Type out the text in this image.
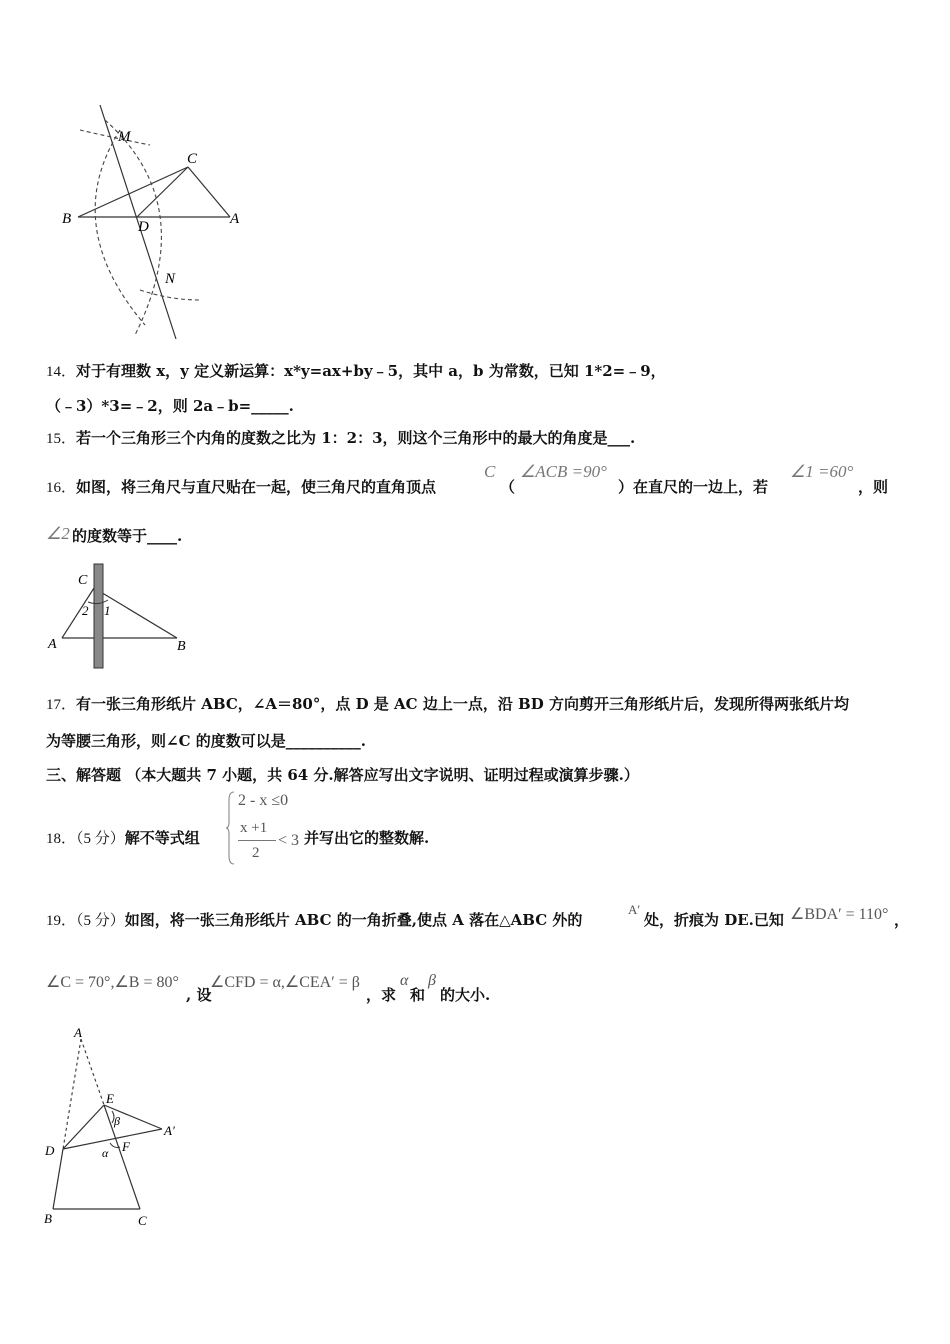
M
C
B	D	A
N
14．对于有理数 x，y 定义新运算：x*y=ax+by﹣5，其中 a，b 为常数，已知 1*2=﹣9，
（﹣3）*3=﹣2，则 2a﹣b=_____.
15．若一个三角形三个内角的度数之比为 1：2：3，则这个三角形中的最大的角度是___.
16．如图，将三角尺与直尺贴在一起，使三角尺的直角顶点
C
（
∠ACB =90°
）在直尺的一边上，若
∠1 =60°
，则
∠2 的度数等于____.
C
2 1
A	B
17．有一张三角形纸片 ABC，∠A＝80°，点 D 是 AC 边上一点，沿 BD 方向剪开三角形纸片后，发现所得两张纸片均
为等腰三角形，则∠C 的度数可以是__________.
三、解答题 （本大题共 7 小题，共 64 分.解答应写出文字说明、证明过程或演算步骤.）
18．（5 分）解不等式组
2 - x ≤0
x +1
2
< 3 并写出它的整数解.
19．（5 分）如图，将一张三角形纸片 ABC 的一角折叠,使点 A 落在△ABC 外的
A′
处，折痕为 DE.已知 ∠BDA′ = 110° ，
∠C = 70°,∠B = 80°
, 设
∠CFD = α,∠CEA′ = β
，求
α
和
β
的大小.
A
E
β
A′
D	F
α
B	C
